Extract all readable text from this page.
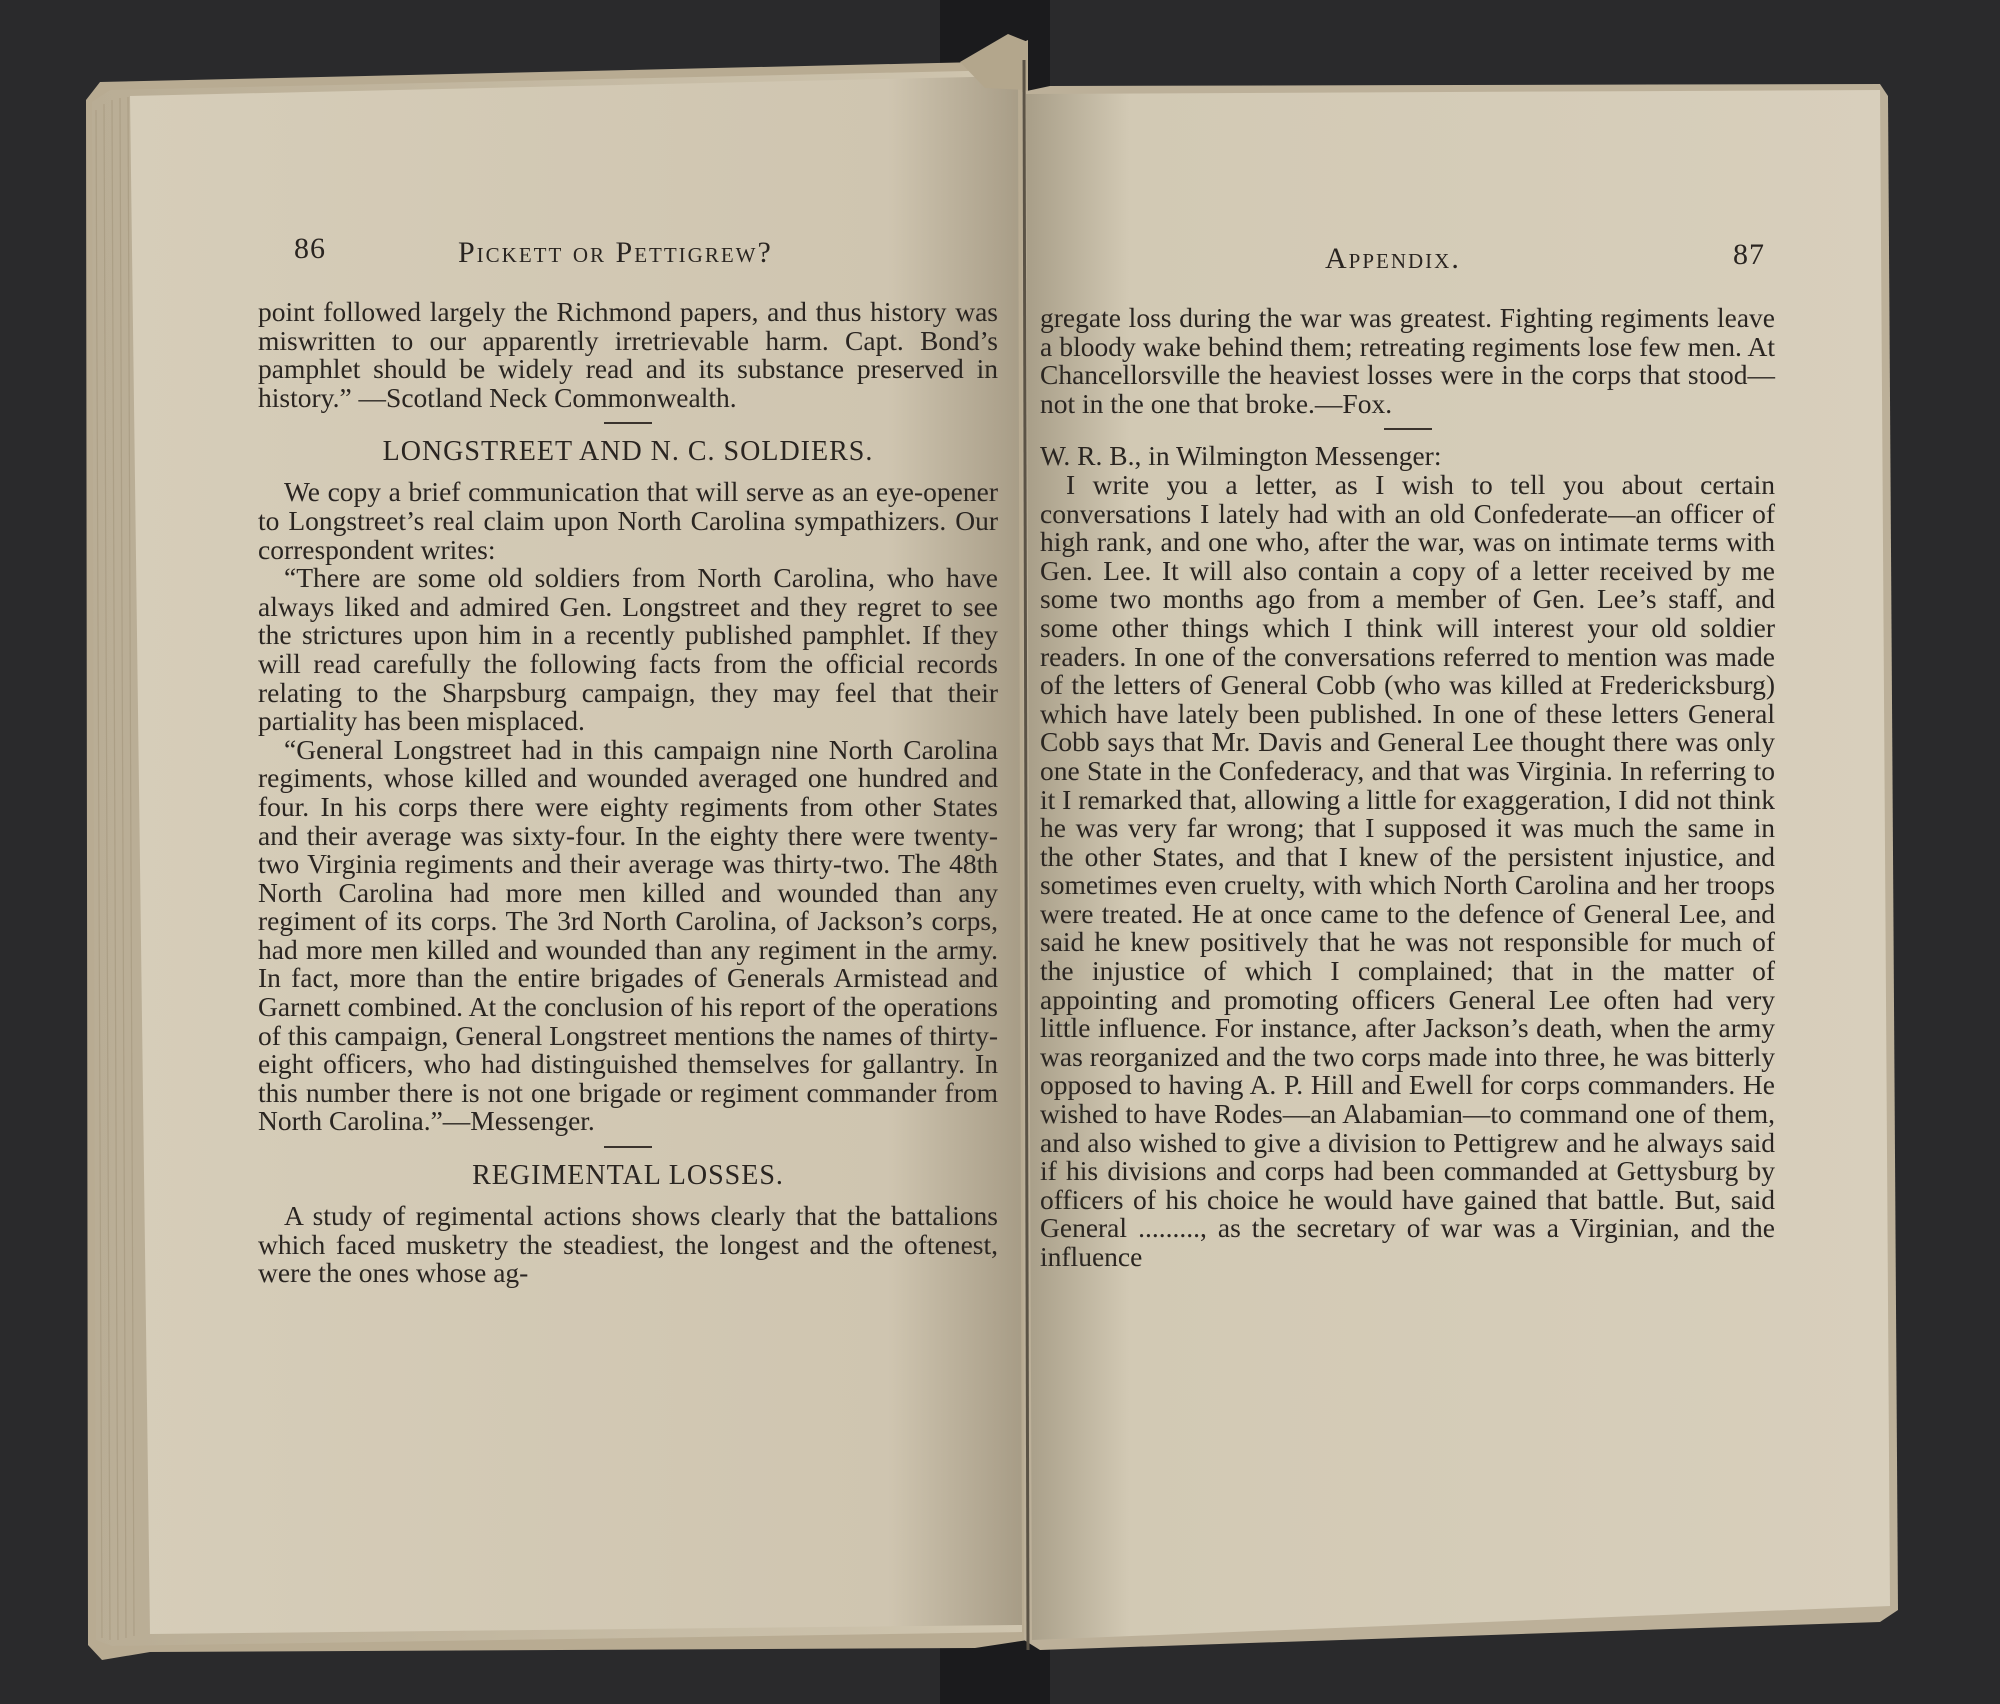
86	Pickett or Pettigrew?

point followed largely the Richmond papers, and thus history was miswritten to our apparently irretrievable harm. Capt. Bond’s pamphlet should be widely read and its substance preserved in history.” —Scotland Neck Commonwealth.

LONGSTREET AND N. C. SOLDIERS.

We copy a brief communication that will serve as an eye-opener to Longstreet’s real claim upon North Carolina sympathizers. Our correspondent writes:

“There are some old soldiers from North Carolina, who have always liked and admired Gen. Longstreet and they regret to see the strictures upon him in a recently published pamphlet. If they will read carefully the following facts from the official records relating to the Sharpsburg campaign, they may feel that their partiality has been misplaced.

“General Longstreet had in this campaign nine North Carolina regiments, whose killed and wounded averaged one hundred and four. In his corps there were eighty regiments from other States and their average was sixty-four. In the eighty there were twenty-two Virginia regiments and their average was thirty-two. The 48th North Carolina had more men killed and wounded than any regiment of its corps. The 3rd North Carolina, of Jackson’s corps, had more men killed and wounded than any regiment in the army. In fact, more than the entire brigades of Generals Armistead and Garnett combined. At the conclusion of his report of the operations of this campaign, General Longstreet mentions the names of thirty-eight officers, who had distinguished themselves for gallantry. In this number there is not one brigade or regiment commander from North Carolina.”—Messenger.

REGIMENTAL LOSSES.

A study of regimental actions shows clearly that the battalions which faced musketry the steadiest, the longest and the oftenest, were the ones whose ag-

Appendix.	87

gregate loss during the war was greatest. Fighting regiments leave a bloody wake behind them; retreating regiments lose few men. At Chancellorsville the heaviest losses were in the corps that stood—not in the one that broke.—Fox.

W. R. B., in Wilmington Messenger:

I write you a letter, as I wish to tell you about certain conversations I lately had with an old Confederate—an officer of high rank, and one who, after the war, was on intimate terms with Gen. Lee. It will also contain a copy of a letter received by me some two months ago from a member of Gen. Lee’s staff, and some other things which I think will interest your old soldier readers. In one of the conversations referred to mention was made of the letters of General Cobb (who was killed at Fredericksburg) which have lately been published. In one of these letters General Cobb says that Mr. Davis and General Lee thought there was only one State in the Confederacy, and that was Virginia. In referring to it I remarked that, allowing a little for exaggeration, I did not think he was very far wrong; that I supposed it was much the same in the other States, and that I knew of the persistent injustice, and sometimes even cruelty, with which North Carolina and her troops were treated. He at once came to the defence of General Lee, and said he knew positively that he was not responsible for much of the injustice of which I complained; that in the matter of appointing and promoting officers General Lee often had very little influence. For instance, after Jackson’s death, when the army was reorganized and the two corps made into three, he was bitterly opposed to having A. P. Hill and Ewell for corps commanders. He wished to have Rodes—an Alabamian—to command one of them, and also wished to give a division to Pettigrew and he always said if his divisions and corps had been commanded at Gettysburg by officers of his choice he would have gained that battle. But, said General ........., as the secretary of war was a Virginian, and the influence
